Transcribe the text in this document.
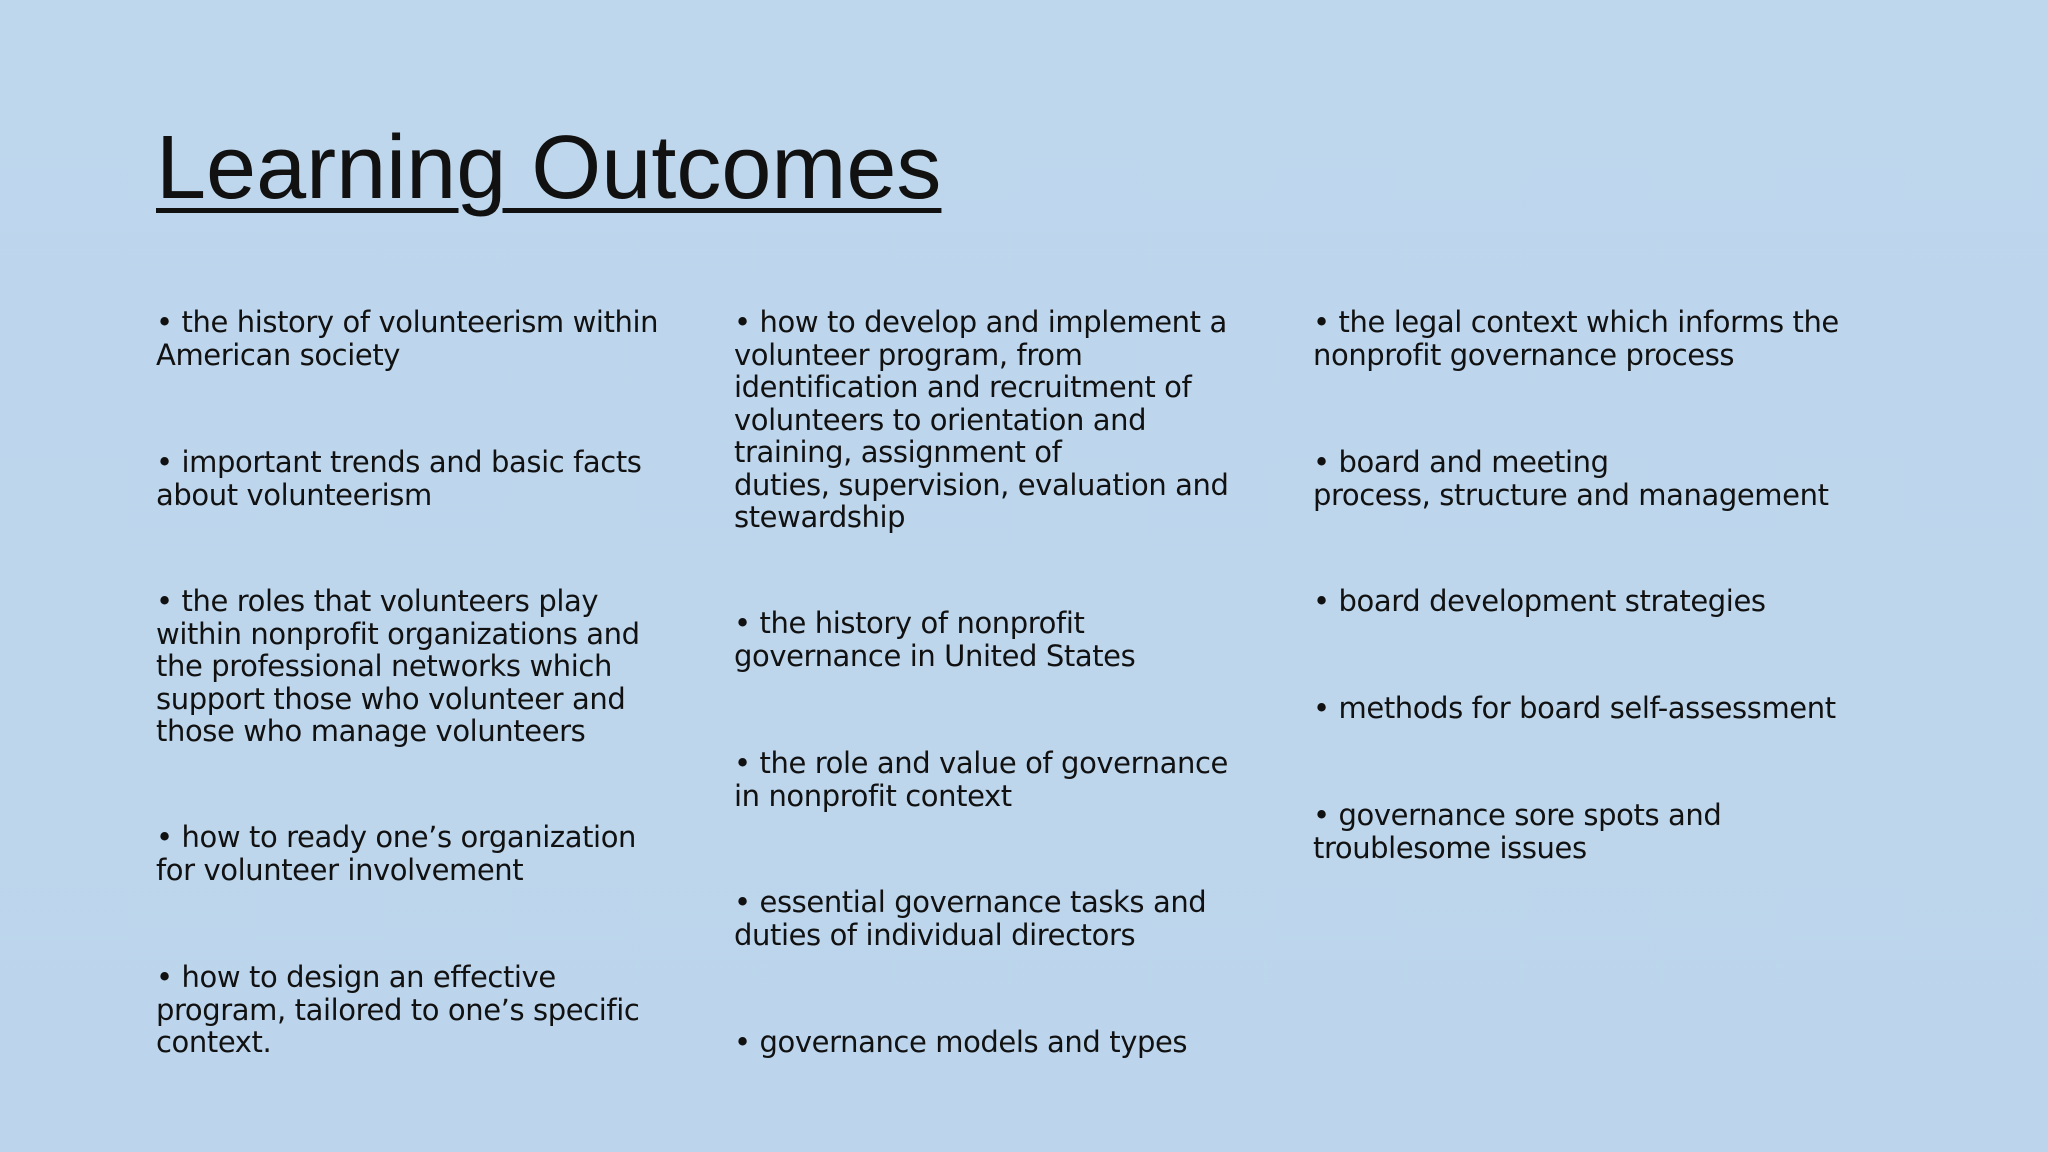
Learning Outcomes

• the history of volunteerism within
American society

• important trends and basic facts
about volunteerism

• the roles that volunteers play
within nonprofit organizations and
the professional networks which
support those who volunteer and
those who manage volunteers

• how to ready one’s organization
for volunteer involvement

• how to design an effective
program, tailored to one’s specific
context.

• how to develop and implement a
volunteer program, from
identification and recruitment of
volunteers to orientation and
training, assignment of
duties, supervision, evaluation and
stewardship

• the history of nonprofit
governance in United States

• the role and value of governance
in nonprofit context

• essential governance tasks and
duties of individual directors

• governance models and types

• the legal context which informs the
nonprofit governance process

• board and meeting
process, structure and management

• board development strategies

• methods for board self-assessment

• governance sore spots and
troublesome issues
